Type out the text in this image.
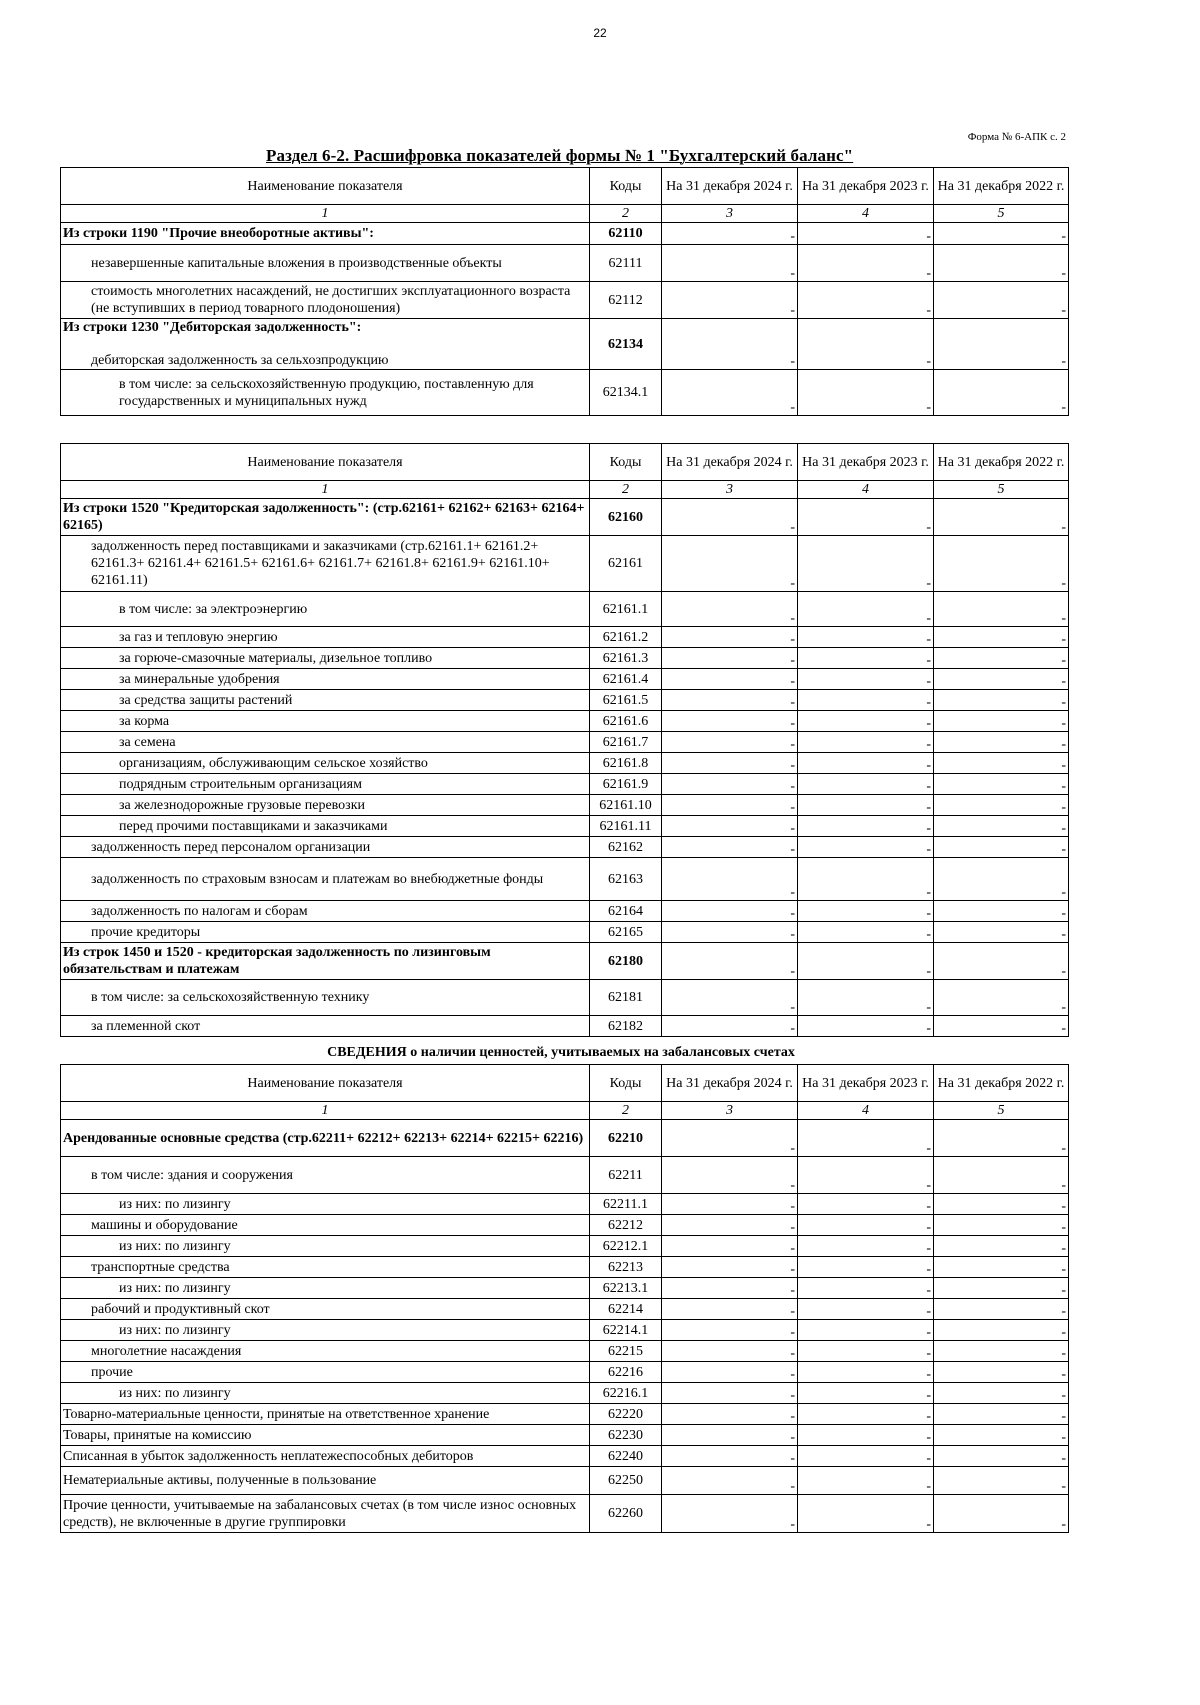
22
Форма № 6-АПК с. 2
Раздел 6-2. Расшифровка показателей формы № 1 "Бухгалтерский баланс"
Наименование показателя	Коды	На 31 декабря 2024 г.	На 31 декабря 2023 г.	На 31 декабря 2022 г.
1	2	3	4	5

Из строки 1190 "Прочие внеоборотные активы":	62110	-	-	-

незавершенные капитальные вложения в производственные объекты	62111	-	-	-

стоимость многолетних насаждений, не достигших эксплуатационного возраста (не вступивших в период товарного плодоношения)	62112	-	-	-

Из строки 1230 "Дебиторская задолженность":
дебиторская задолженность за сельхозпродукцию	62134	-	-	-

в том числе: за сельскохозяйственную продукцию, поставленную для государственных и муниципальных нужд	62134.1	-	-	-
Наименование показателя	Коды	На 31 декабря 2024 г.	На 31 декабря 2023 г.	На 31 декабря 2022 г.
1	2	3	4	5

Из строки 1520 "Кредиторская задолженность": (стр.62161+ 62162+ 62163+ 62164+ 62165)	62160	-	-	-

задолженность перед поставщиками и заказчиками (стр.62161.1+ 62161.2+ 62161.3+ 62161.4+ 62161.5+ 62161.6+ 62161.7+ 62161.8+ 62161.9+ 62161.10+ 62161.11)	62161	-	-	-

в том числе: за электроэнергию	62161.1	-	-	-

за газ и тепловую энергию	62161.2	-	-	-

за горюче-смазочные материалы, дизельное топливо	62161.3	-	-	-

за минеральные удобрения	62161.4	-	-	-

за средства защиты растений	62161.5	-	-	-

за корма	62161.6	-	-	-

за семена	62161.7	-	-	-

организациям, обслуживающим сельское хозяйство	62161.8	-	-	-

подрядным строительным организациям	62161.9	-	-	-

за железнодорожные грузовые перевозки	62161.10	-	-	-

перед прочими поставщиками и заказчиками	62161.11	-	-	-

задолженность перед персоналом организации	62162	-	-	-

задолженность по страховым взносам и платежам во внебюджетные фонды	62163	-	-	-

задолженность по налогам и сборам	62164	-	-	-

прочие кредиторы	62165	-	-	-

Из строк 1450 и 1520 - кредиторская задолженность по лизинговым обязательствам и платежам	62180	-	-	-

в том числе: за сельскохозяйственную технику	62181	-	-	-

за племенной скот	62182	-	-	-
СВЕДЕНИЯ о наличии ценностей, учитываемых на забалансовых счетах
Наименование показателя	Коды	На 31 декабря 2024 г.	На 31 декабря 2023 г.	На 31 декабря 2022 г.
1	2	3	4	5

Арендованные основные средства (стр.62211+ 62212+ 62213+ 62214+ 62215+ 62216)	62210	-	-	-

в том числе: здания и сооружения	62211	-	-	-

из них: по лизингу	62211.1	-	-	-

машины и оборудование	62212	-	-	-

из них: по лизингу	62212.1	-	-	-

транспортные средства	62213	-	-	-

из них: по лизингу	62213.1	-	-	-

рабочий и продуктивный скот	62214	-	-	-

из них: по лизингу	62214.1	-	-	-

многолетние насаждения	62215	-	-	-

прочие	62216	-	-	-

из них: по лизингу	62216.1	-	-	-

Товарно-материальные ценности, принятые на ответственное хранение	62220	-	-	-

Товары, принятые на комиссию	62230	-	-	-

Списанная в убыток задолженность неплатежеспособных дебиторов	62240	-	-	-

Нематериальные активы, полученные в пользование	62250	-	-	-

Прочие ценности, учитываемые на забалансовых счетах (в том числе износ основных средств), не включенные в другие группировки	62260	-	-	-
